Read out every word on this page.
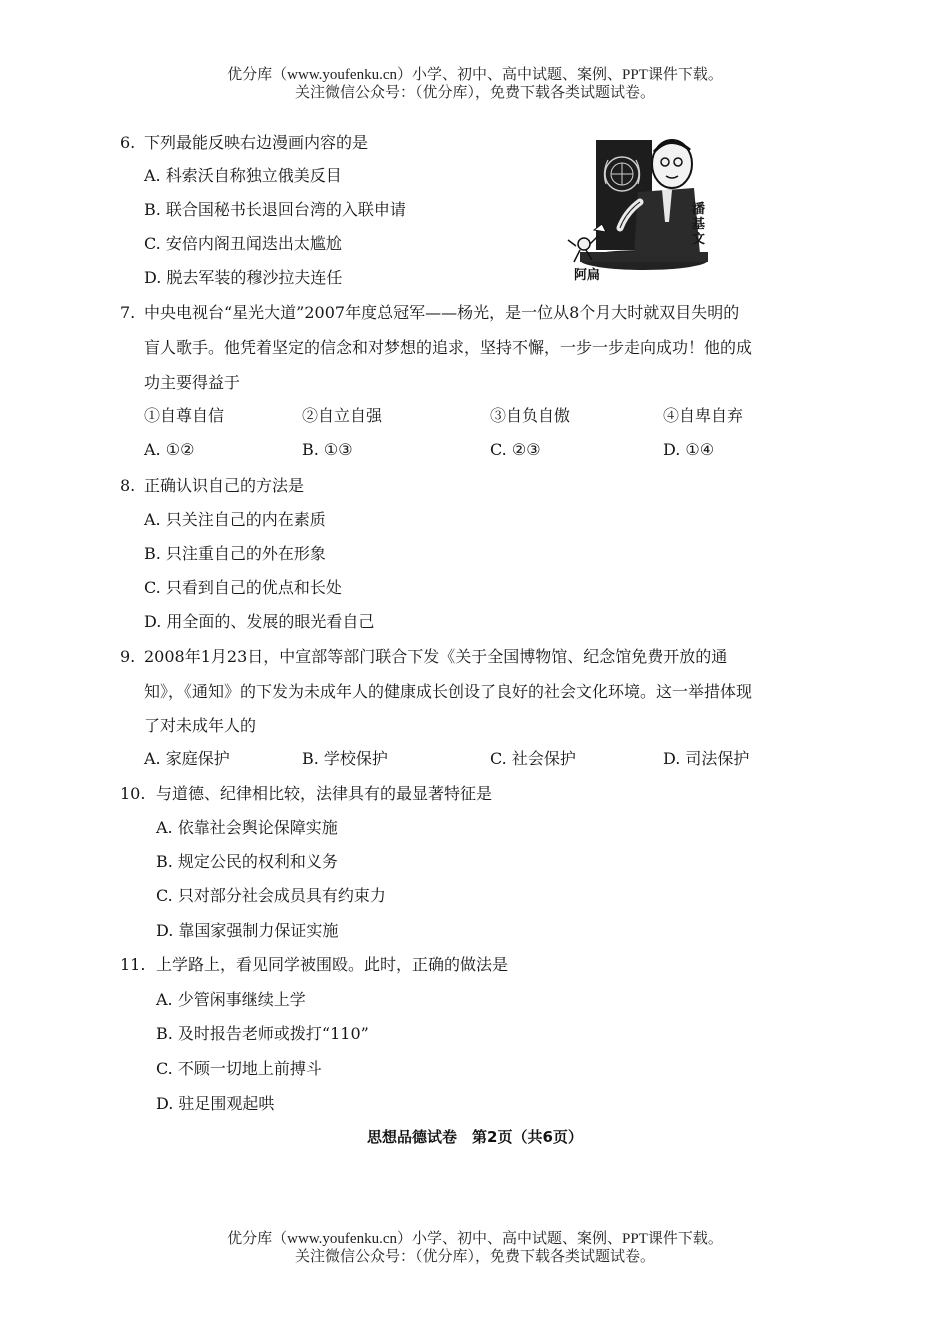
优分库（www.youfenku.cn）小学、初中、高中试题、案例、PPT课件下载。
关注微信公众号：（优分库），免费下载各类试题试卷。
6. 下列最能反映右边漫画内容的是
A. 科索沃自称独立俄美反目
B. 联合国秘书长退回台湾的入联申请
C. 安倍内阁丑闻迭出太尴尬
D. 脱去军装的穆沙拉夫连任
潘基文
阿扁
7. 中央电视台“星光大道”2007年度总冠军——杨光，是一位从8个月大时就双目失明的
盲人歌手。他凭着坚定的信念和对梦想的追求，坚持不懈，一步一步走向成功！他的成
功主要得益于
①自尊自信	②自立自强	③自负自傲	④自卑自弃
A. ①②	B. ①③	C. ②③	D. ①④
8. 正确认识自己的方法是
A. 只关注自己的内在素质
B. 只注重自己的外在形象
C. 只看到自己的优点和长处
D. 用全面的、发展的眼光看自己
9. 2008年1月23日，中宣部等部门联合下发《关于全国博物馆、纪念馆免费开放的通
知》，《通知》的下发为未成年人的健康成长创设了良好的社会文化环境。这一举措体现
了对未成年人的
A. 家庭保护	B. 学校保护	C. 社会保护	D. 司法保护
10. 与道德、纪律相比较，法律具有的最显著特征是
A. 依靠社会舆论保障实施
B. 规定公民的权利和义务
C. 只对部分社会成员具有约束力
D. 靠国家强制力保证实施
11. 上学路上，看见同学被围殴。此时，正确的做法是
A. 少管闲事继续上学
B. 及时报告老师或拨打“110”
C. 不顾一切地上前搏斗
D. 驻足围观起哄
思想品德试卷　第2页（共6页）
优分库（www.youfenku.cn）小学、初中、高中试题、案例、PPT课件下载。
关注微信公众号：（优分库），免费下载各类试题试卷。
